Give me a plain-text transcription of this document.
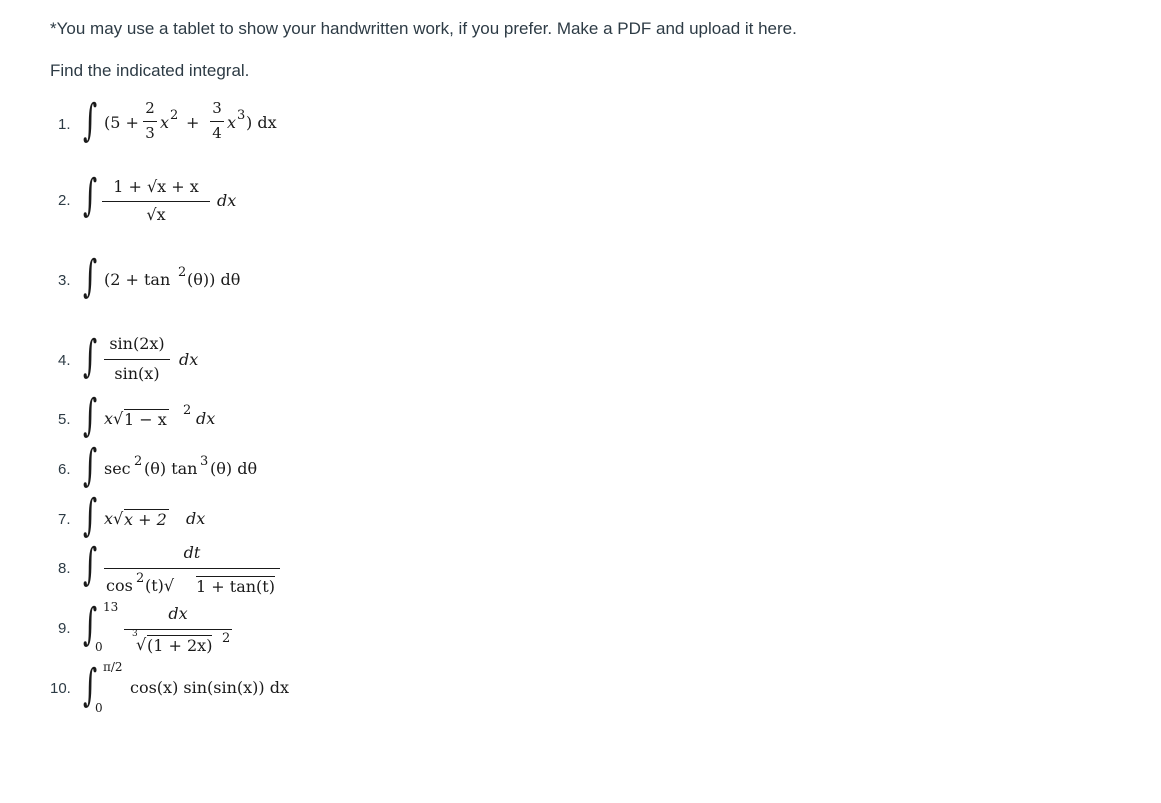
*You may use a tablet to show your handwritten work, if you prefer. Make a PDF and upload it here.
Find the indicated integral.
1. ∫ (5 +
2
3
x 2 +
3
4
x 3 ) dx
2. ∫ 1 + √x + x
√x
dx
3. ∫ (2 + tan 2 (θ)) dθ
4. ∫ sin(2x)
sin(x)
dx
5. ∫ x√ 1 − x 2 dx
6. ∫ sec 2 (θ) tan 3 (θ) dθ
7. ∫ x√ x + 2 dx
8. ∫	dt
cos 2 (t)√ 1 + tan(t)
9. ∫ 13
0
dx
3
√ (1 + 2x) 2
10. ∫ π/2
0
cos(x) sin(sin(x)) dx
